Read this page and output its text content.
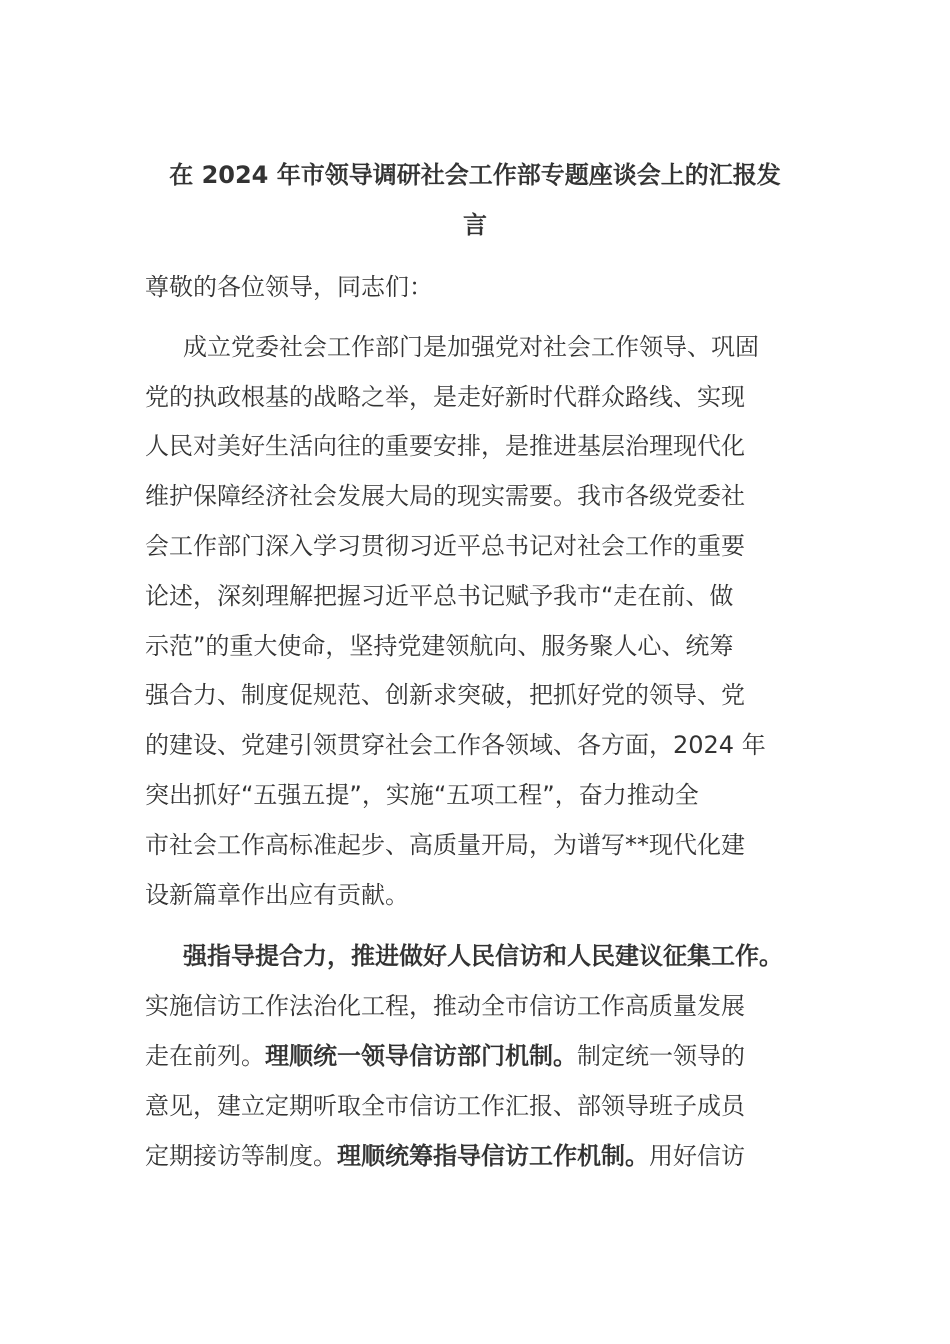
在 2024 年市领导调研社会工作部专题座谈会上的汇报发
言
尊敬的各位领导，同志们：
成立党委社会工作部门是加强党对社会工作领导、巩固
党的执政根基的战略之举，是走好新时代群众路线、实现
人民对美好生活向往的重要安排，是推进基层治理现代化
维护保障经济社会发展大局的现实需要。我市各级党委社
会工作部门深入学习贯彻习近平总书记对社会工作的重要
论述，深刻理解把握习近平总书记赋予我市“走在前、做
示范”的重大使命，坚持党建领航向、服务聚人心、统筹
强合力、制度促规范、创新求突破，把抓好党的领导、党
的建设、党建引领贯穿社会工作各领域、各方面，2024 年
突出抓好“五强五提”，实施“五项工程”，奋力推动全
市社会工作高标准起步、高质量开局，为谱写**现代化建
设新篇章作出应有贡献。
强指导提合力，推进做好人民信访和人民建议征集工作。
实施信访工作法治化工程，推动全市信访工作高质量发展
走在前列。理顺统一领导信访部门机制。制定统一领导的
意见，建立定期听取全市信访工作汇报、部领导班子成员
定期接访等制度。理顺统筹指导信访工作机制。用好信访
